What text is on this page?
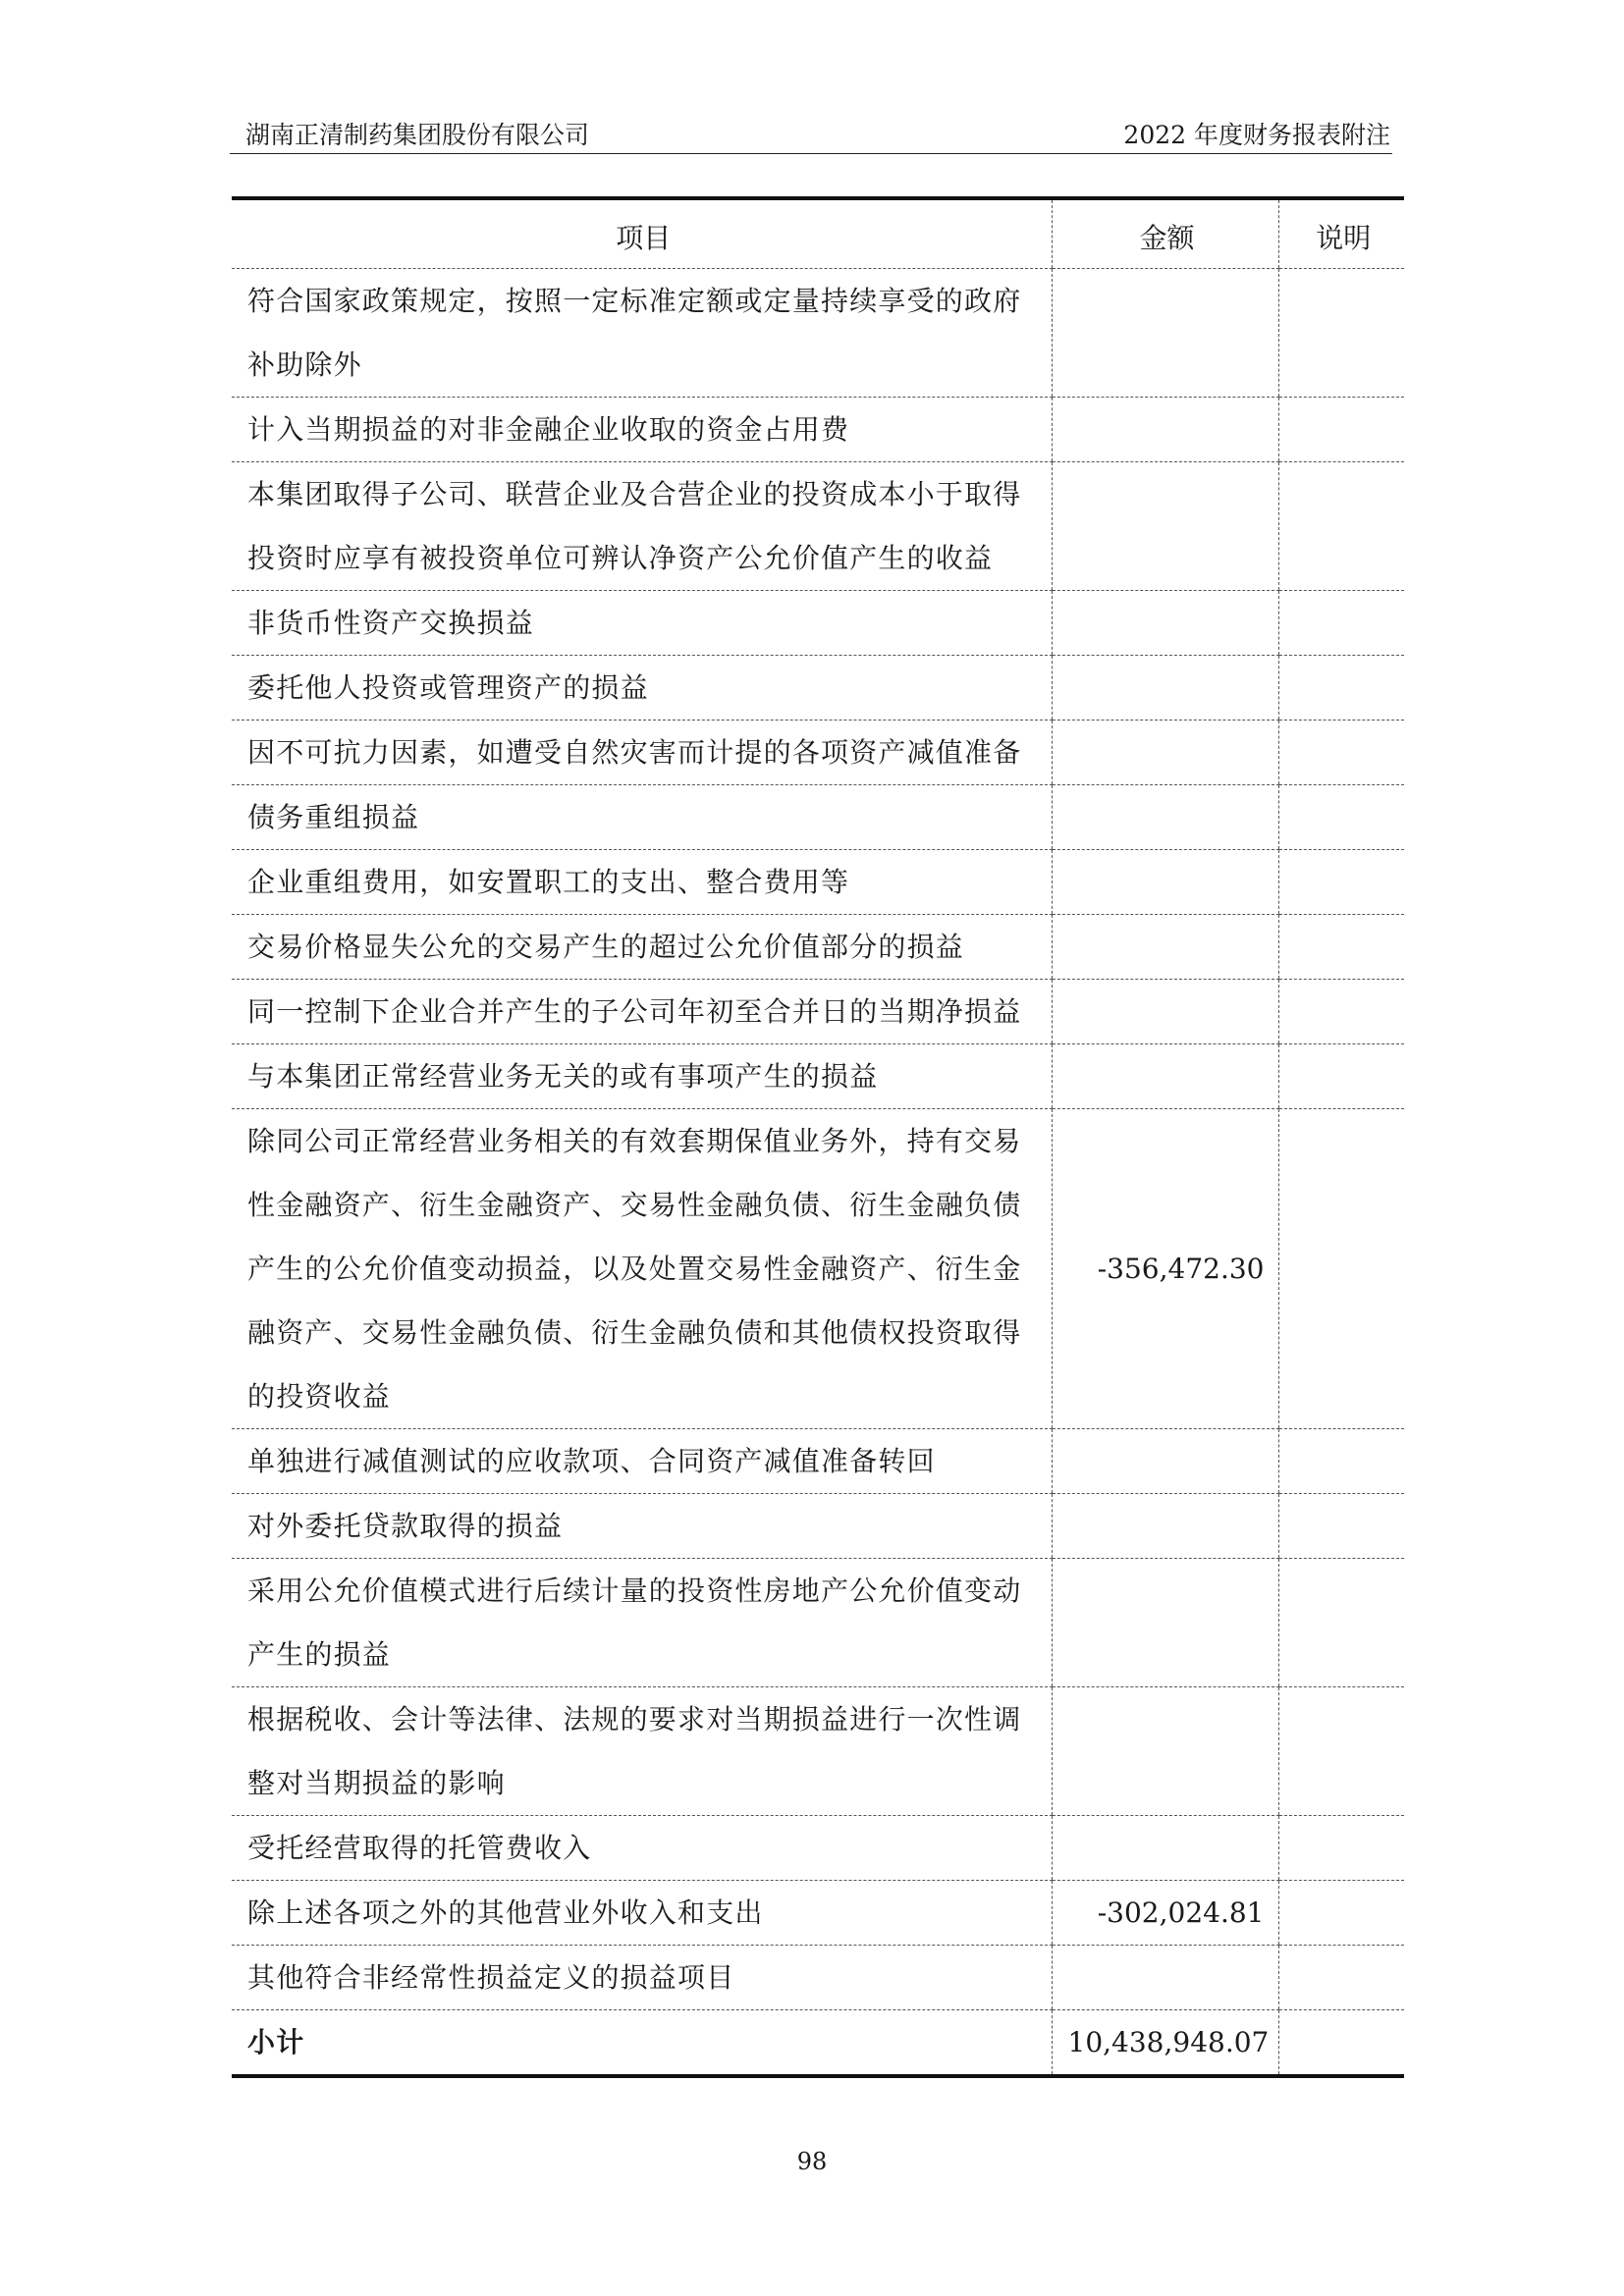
湖南正清制药集团股份有限公司	2022 年度财务报表附注
项目	金额	说明
符合国家政策规定，按照一定标准定额或定量持续享受的政府补助除外		
计入当期损益的对非金融企业收取的资金占用费		
本集团取得子公司、联营企业及合营企业的投资成本小于取得投资时应享有被投资单位可辨认净资产公允价值产生的收益		
非货币性资产交换损益		
委托他人投资或管理资产的损益		
因不可抗力因素，如遭受自然灾害而计提的各项资产减值准备		
债务重组损益		
企业重组费用，如安置职工的支出、整合费用等		
交易价格显失公允的交易产生的超过公允价值部分的损益		
同一控制下企业合并产生的子公司年初至合并日的当期净损益		
与本集团正常经营业务无关的或有事项产生的损益		
除同公司正常经营业务相关的有效套期保值业务外，持有交易性金融资产、衍生金融资产、交易性金融负债、衍生金融负债产生的公允价值变动损益，以及处置交易性金融资产、衍生金融资产、交易性金融负债、衍生金融负债和其他债权投资取得的投资收益	-356,472.30	
单独进行减值测试的应收款项、合同资产减值准备转回		
对外委托贷款取得的损益		
采用公允价值模式进行后续计量的投资性房地产公允价值变动产生的损益		
根据税收、会计等法律、法规的要求对当期损益进行一次性调整对当期损益的影响		
受托经营取得的托管费收入		
除上述各项之外的其他营业外收入和支出	-302,024.81	
其他符合非经常性损益定义的损益项目		
小计	10,438,948.07	
98
